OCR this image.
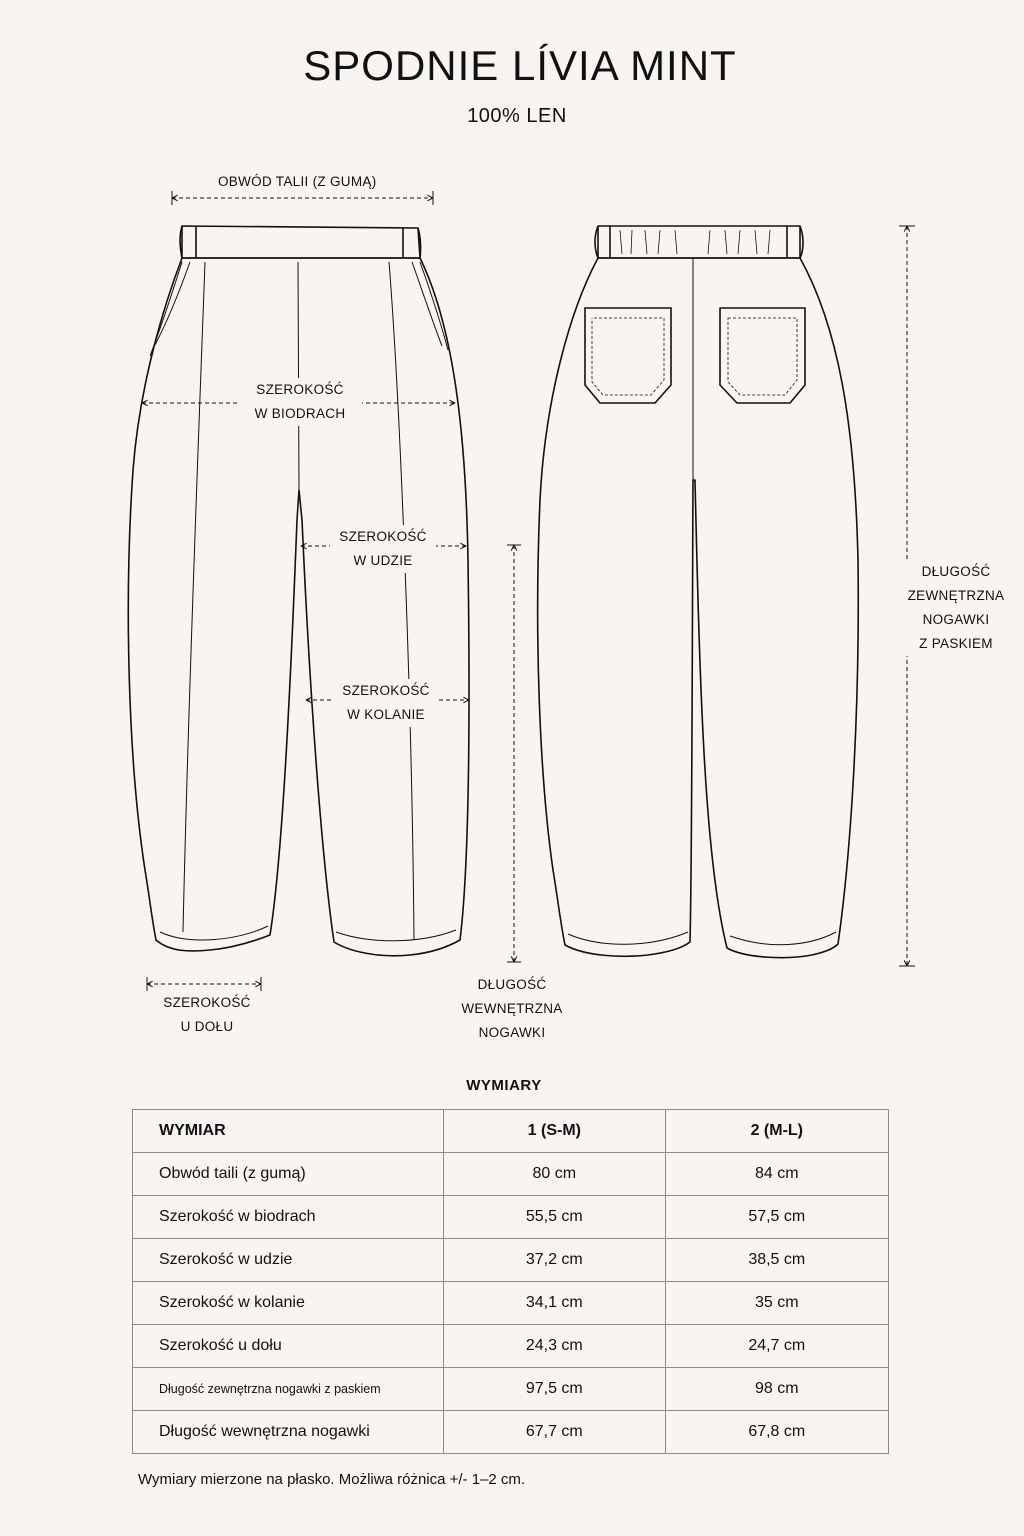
SPODNIE LÍVIA MINT
100% LEN
OBWÓD TALII (Z GUMĄ)
SZEROKOŚĆ
W BIODRACH
SZEROKOŚĆ
W UDZIE
SZEROKOŚĆ
W KOLANIE
SZEROKOŚĆ
U DOŁU
DŁUGOŚĆ
WEWNĘTRZNA
NOGAWKI
DŁUGOŚĆ
ZEWNĘTRZNA
NOGAWKI
Z PASKIEM
WYMIARY
WYMIAR	1 (S-M)	2 (M-L)
Obwód taili (z gumą)	80 cm	84 cm
Szerokość w biodrach	55,5 cm	57,5 cm
Szerokość w udzie	37,2 cm	38,5 cm
Szerokość w kolanie	34,1 cm	35 cm
Szerokość u dołu	24,3 cm	24,7 cm
Długość zewnętrzna nogawki z paskiem	97,5 cm	98 cm
Długość wewnętrzna nogawki	67,7 cm	67,8 cm
Wymiary mierzone na płasko. Możliwa różnica +/- 1–2 cm.
